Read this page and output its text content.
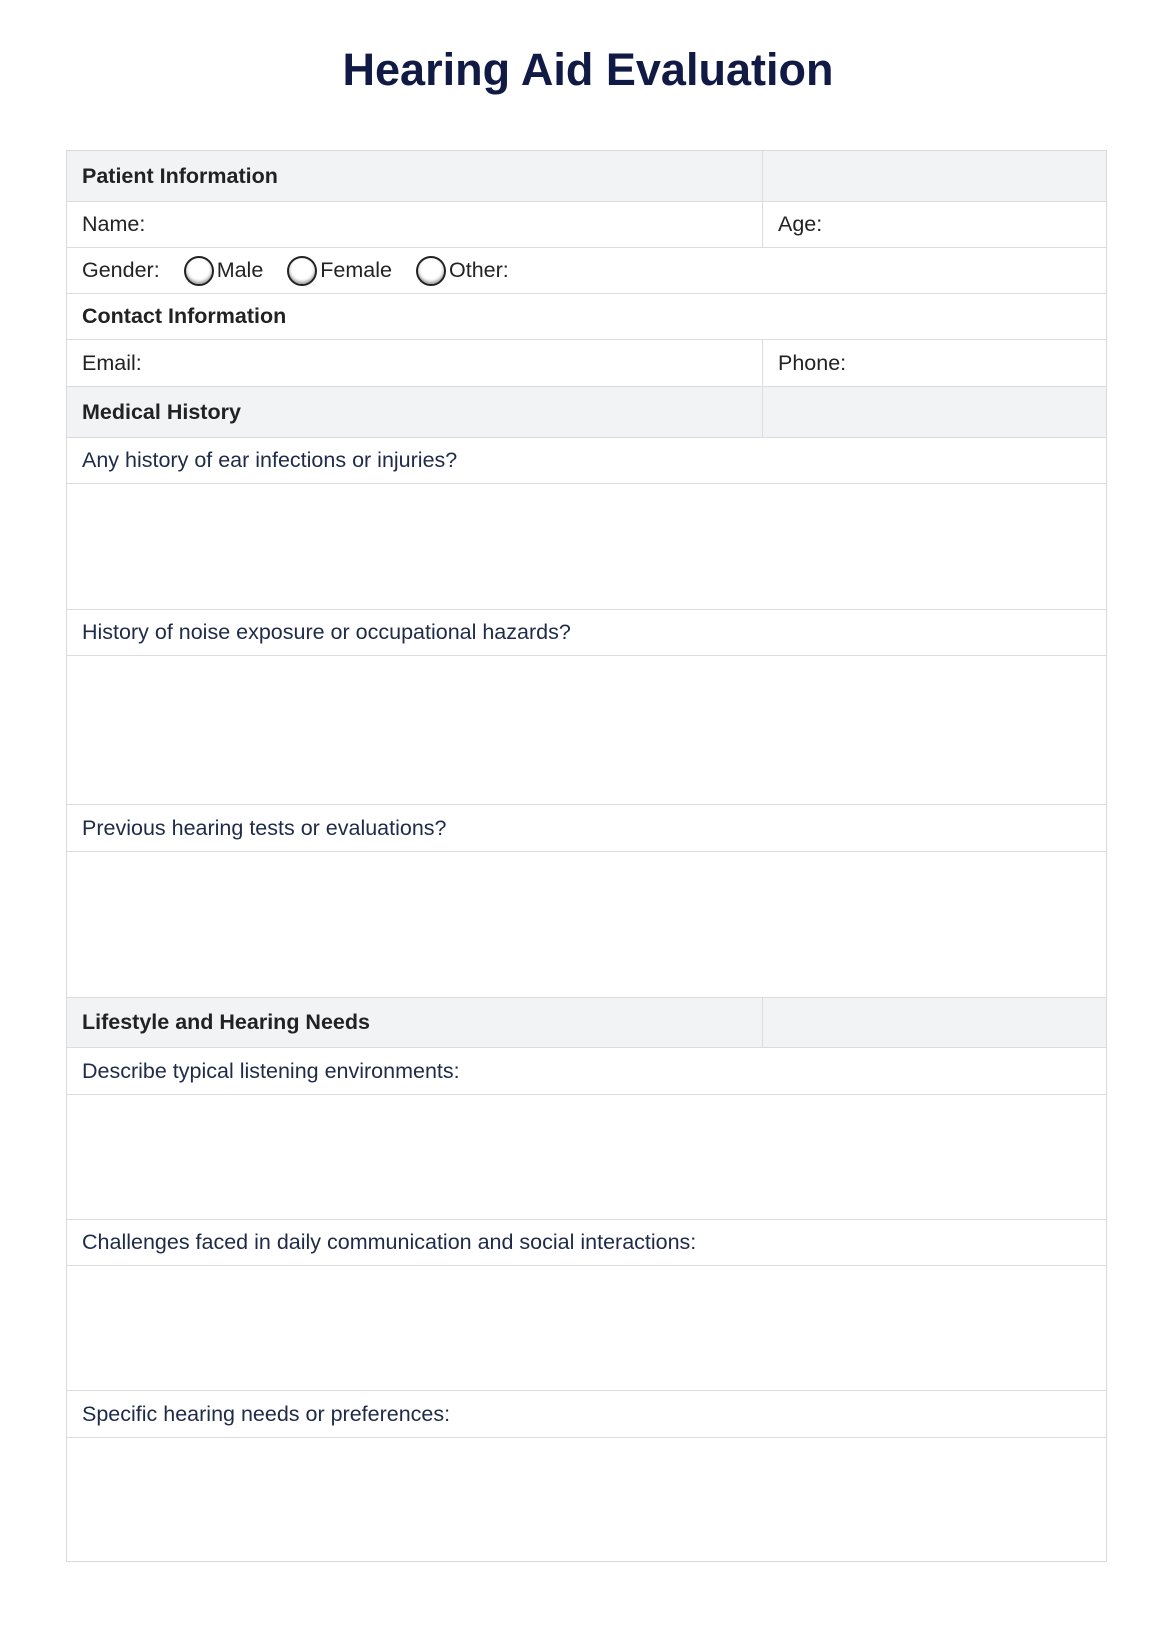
Hearing Aid Evaluation
Patient Information
Name:	Age:
Gender:	Male	Female	Other:
Contact Information
Email:	Phone:
Medical History
Any history of ear infections or injuries?
History of noise exposure or occupational hazards?
Previous hearing tests or evaluations?
Lifestyle and Hearing Needs
Describe typical listening environments:
Challenges faced in daily communication and social interactions:
Specific hearing needs or preferences:
